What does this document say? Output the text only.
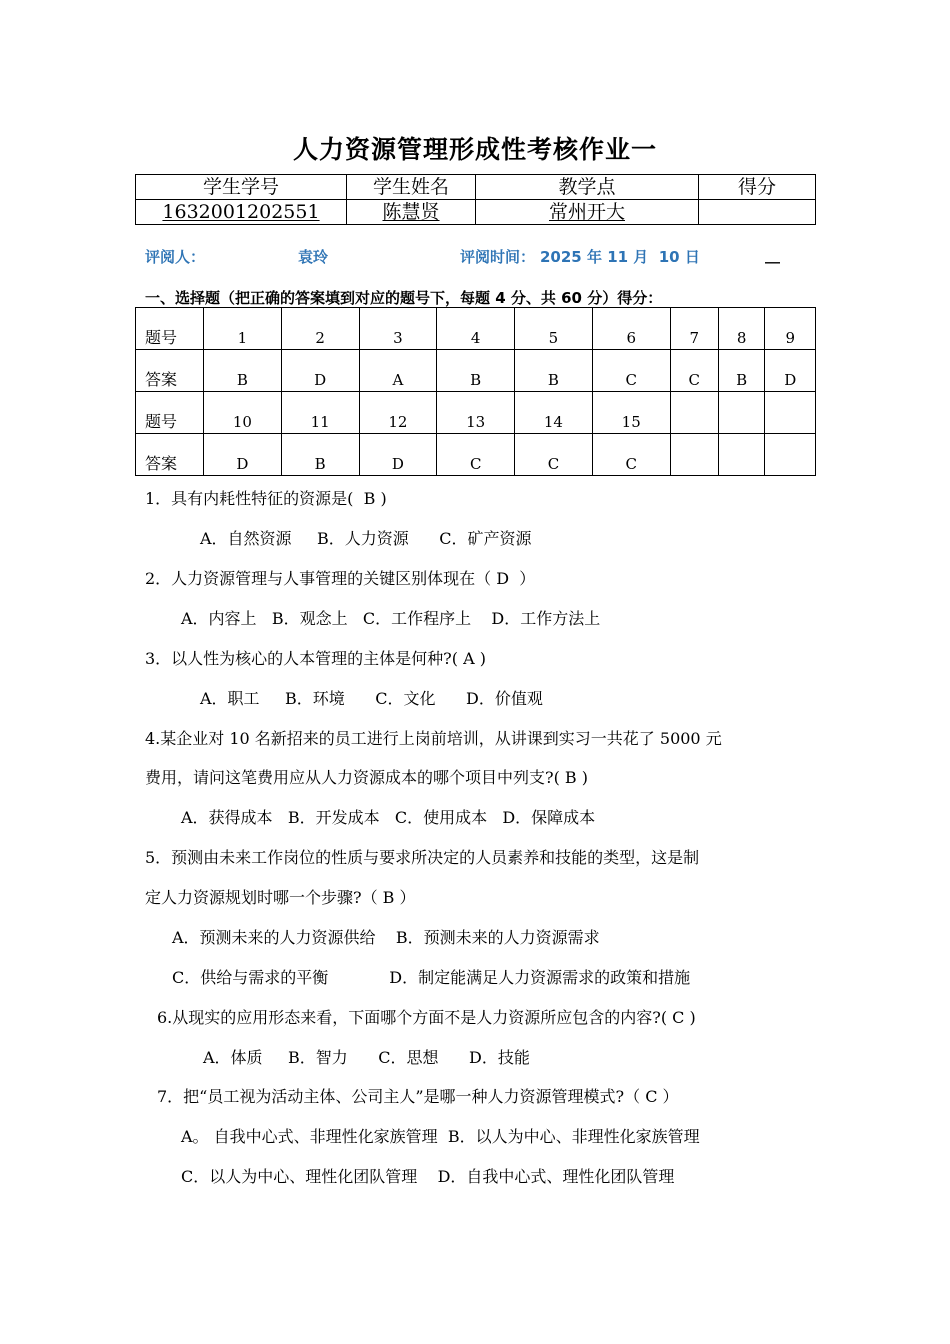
人力资源管理形成性考核作业一
学生学号	学生姓名	教学点	得分
1632001202551	陈慧贤	常州开大	
评阅人：	袁玲	评阅时间： 2025 年 11 月  10 日	__
一、选择题（把正确的答案填到对应的题号下，每题 4 分、共 60 分）得分：
题号	1	2	3	4	5	6	7	8	9
答案	B	D	A	B	B	C	C	B	D
题号	10	11	12	13	14	15			
答案	D	B	D	C	C	C			
1．具有内耗性特征的资源是(  B )
A．自然资源     B．人力资源      C．矿产资源
2．人力资源管理与人事管理的关键区别体现在（ D  ）
A．内容上   B．观念上   C．工作程序上    D．工作方法上
3．以人性为核心的人本管理的主体是何种?( A )
A．职工     B．环境      C．文化      D．价值观
4.某企业对 10 名新招来的员工进行上岗前培训，从讲课到实习一共花了 5000 元
费用，请问这笔费用应从人力资源成本的哪个项目中列支?( B )
A．获得成本   B．开发成本   C．使用成本   D．保障成本
5．预测由未来工作岗位的性质与要求所决定的人员素养和技能的类型，这是制
定人力资源规划时哪一个步骤?（ B ）
A．预测未来的人力资源供给    B．预测未来的人力资源需求
C．供给与需求的平衡            D．制定能满足人力资源需求的政策和措施
6.从现实的应用形态来看，下面哪个方面不是人力资源所应包含的内容?( C )
A．体质     B．智力      C．思想      D．技能
7．把“员工视为活动主体、公司主人”是哪一种人力资源管理模式?（ C ）
A。 自我中心式、非理性化家族管理  B．以人为中心、非理性化家族管理
C．以人为中心、理性化团队管理    D．自我中心式、理性化团队管理
